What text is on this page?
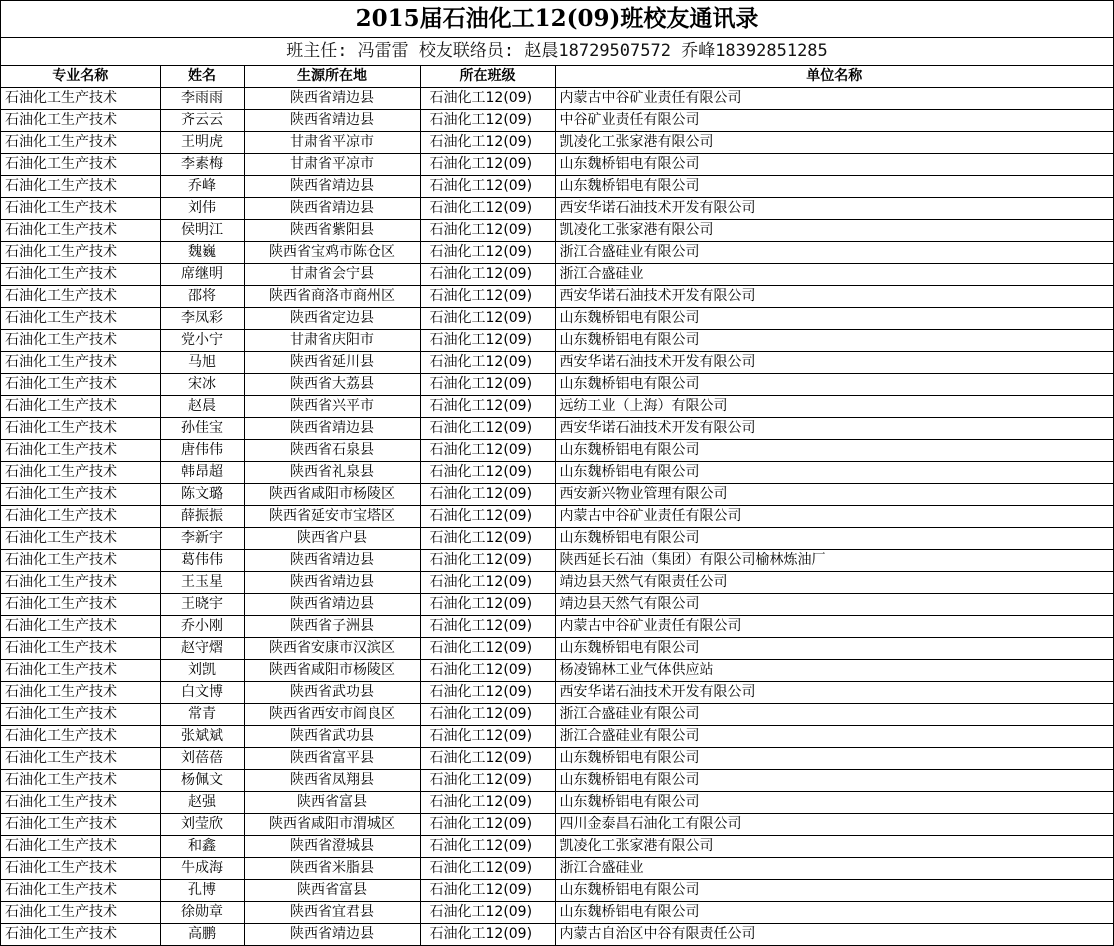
2015届石油化工12(09)班校友通讯录
班主任: 冯雷雷 校友联络员: 赵晨18729507572 乔峰18392851285
专业名称	姓名	生源所在地	所在班级	单位名称
石油化工生产技术	李雨雨	陕西省靖边县	石油化工12(09)	内蒙古中谷矿业责任有限公司
石油化工生产技术	齐云云	陕西省靖边县	石油化工12(09)	中谷矿业责任有限公司
石油化工生产技术	王明虎	甘肃省平凉市	石油化工12(09)	凯凌化工张家港有限公司
石油化工生产技术	李素梅	甘肃省平凉市	石油化工12(09)	山东魏桥铝电有限公司
石油化工生产技术	乔峰	陕西省靖边县	石油化工12(09)	山东魏桥铝电有限公司
石油化工生产技术	刘伟	陕西省靖边县	石油化工12(09)	西安华诺石油技术开发有限公司
石油化工生产技术	侯明江	陕西省紫阳县	石油化工12(09)	凯凌化工张家港有限公司
石油化工生产技术	魏巍	陕西省宝鸡市陈仓区	石油化工12(09)	浙江合盛硅业有限公司
石油化工生产技术	席继明	甘肃省会宁县	石油化工12(09)	浙江合盛硅业
石油化工生产技术	邵将	陕西省商洛市商州区	石油化工12(09)	西安华诺石油技术开发有限公司
石油化工生产技术	李凤彩	陕西省定边县	石油化工12(09)	山东魏桥铝电有限公司
石油化工生产技术	党小宁	甘肃省庆阳市	石油化工12(09)	山东魏桥铝电有限公司
石油化工生产技术	马旭	陕西省延川县	石油化工12(09)	西安华诺石油技术开发有限公司
石油化工生产技术	宋冰	陕西省大荔县	石油化工12(09)	山东魏桥铝电有限公司
石油化工生产技术	赵晨	陕西省兴平市	石油化工12(09)	远纺工业（上海）有限公司
石油化工生产技术	孙佳宝	陕西省靖边县	石油化工12(09)	西安华诺石油技术开发有限公司
石油化工生产技术	唐伟伟	陕西省石泉县	石油化工12(09)	山东魏桥铝电有限公司
石油化工生产技术	韩昂超	陕西省礼泉县	石油化工12(09)	山东魏桥铝电有限公司
石油化工生产技术	陈文璐	陕西省咸阳市杨陵区	石油化工12(09)	西安新兴物业管理有限公司
石油化工生产技术	薛振振	陕西省延安市宝塔区	石油化工12(09)	内蒙古中谷矿业责任有限公司
石油化工生产技术	李新宇	陕西省户县	石油化工12(09)	山东魏桥铝电有限公司
石油化工生产技术	葛伟伟	陕西省靖边县	石油化工12(09)	陕西延长石油（集团）有限公司榆林炼油厂
石油化工生产技术	王玉星	陕西省靖边县	石油化工12(09)	靖边县天然气有限责任公司
石油化工生产技术	王晓宇	陕西省靖边县	石油化工12(09)	靖边县天然气有限公司
石油化工生产技术	乔小刚	陕西省子洲县	石油化工12(09)	内蒙古中谷矿业责任有限公司
石油化工生产技术	赵守熠	陕西省安康市汉滨区	石油化工12(09)	山东魏桥铝电有限公司
石油化工生产技术	刘凯	陕西省咸阳市杨陵区	石油化工12(09)	杨凌锦林工业气体供应站
石油化工生产技术	白文博	陕西省武功县	石油化工12(09)	西安华诺石油技术开发有限公司
石油化工生产技术	常青	陕西省西安市阎良区	石油化工12(09)	浙江合盛硅业有限公司
石油化工生产技术	张斌斌	陕西省武功县	石油化工12(09)	浙江合盛硅业有限公司
石油化工生产技术	刘蓓蓓	陕西省富平县	石油化工12(09)	山东魏桥铝电有限公司
石油化工生产技术	杨佩文	陕西省凤翔县	石油化工12(09)	山东魏桥铝电有限公司
石油化工生产技术	赵强	陕西省富县	石油化工12(09)	山东魏桥铝电有限公司
石油化工生产技术	刘莹欣	陕西省咸阳市渭城区	石油化工12(09)	四川金泰昌石油化工有限公司
石油化工生产技术	和鑫	陕西省澄城县	石油化工12(09)	凯凌化工张家港有限公司
石油化工生产技术	牛成海	陕西省米脂县	石油化工12(09)	浙江合盛硅业
石油化工生产技术	孔博	陕西省富县	石油化工12(09)	山东魏桥铝电有限公司
石油化工生产技术	徐勋章	陕西省宜君县	石油化工12(09)	山东魏桥铝电有限公司
石油化工生产技术	高鹏	陕西省靖边县	石油化工12(09)	内蒙古自治区中谷有限责任公司
